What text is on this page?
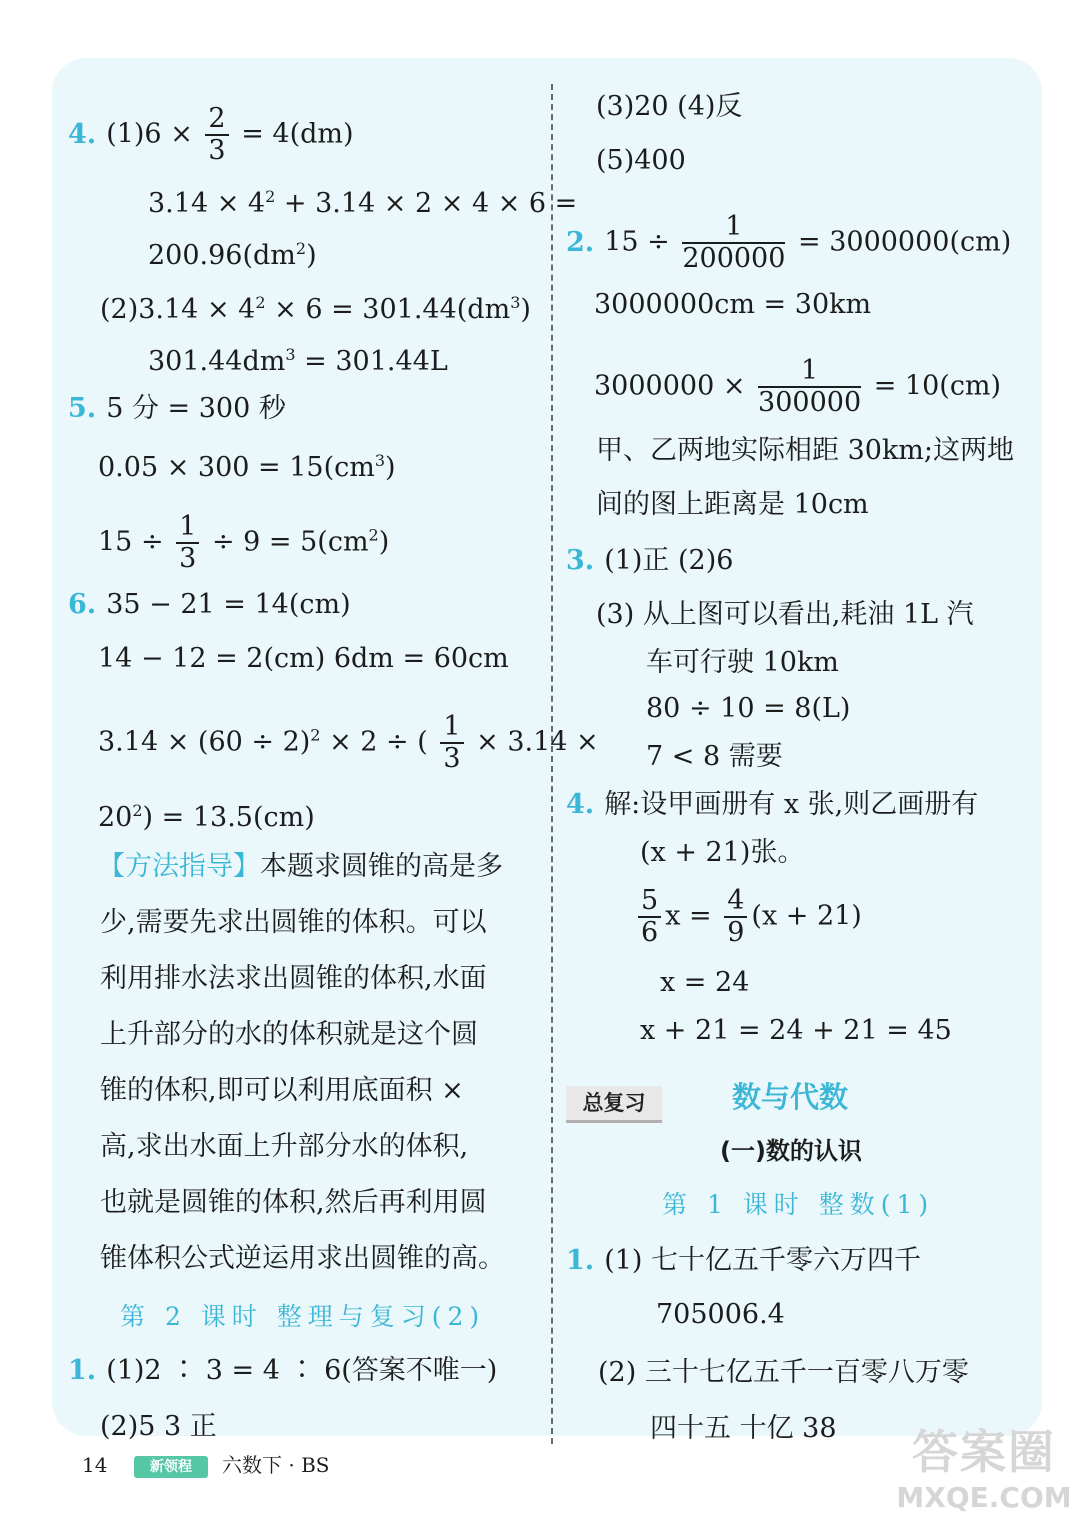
4. $(1)6 \times \frac{2}{3} = 4(dm)$
$3.14 \times 4^2 + 3.14 \times 2 \times 4 \times 6$ =
$200.96(dm^2)$
$(2)3.14 \times 4^2 \times 6 = 301.44(dm^3)$
$301.44dm^3 = 301.44L$
5. 5 分 = 300 秒
$0.05 \times 300 = 15(cm^3)$
$15 \div \frac{1}{3} \div 9 = 5(cm^2)$
6. 35 − 21 = 14(cm)
14 − 12 = 2(cm) 6dm = 60cm
$3.14 \times (60 \div 2)^2 \times 2$ ÷ ( $\frac{1}{3} \times 3.14$ ×
$20^2) = 13.5(cm)$
【方法指导】本题求圆锥的高是多
少,需要先求出圆锥的体积。可以
利用排水法求出圆锥的体积,水面
上升部分的水的体积就是这个圆
锥的体积,即可以利用底面积 ×
高,求出水面上升部分水的体积,
也就是圆锥的体积,然后再利用圆
锥体积公式逆运用求出圆锥的高。
第 2 课时 整理与复习(2)
1. (1)2 ∶ 3 = 4 ∶ 6(答案不唯一)
(2)5 3 正
(3)20 (4)反
(5)400
2. $15 \div \frac{1}{200000} = 3000000(cm)$
3000000cm = 30km
$3000000 \times \frac{1}{300000} = 10(cm)$
甲、乙两地实际相距 30km;这两地
间的图上距离是 10cm
3. (1)正 (2)6
(3) 从上图可以看出,耗油 1L 汽
车可行驶 10km
80 ÷ 10 = 8(L)
7 < 8 需要
4. 解:设甲画册有 x 张,则乙画册有
(x + 21)张。
$\frac{5}{6}$ $x = \frac{4}{9} (x + 21)$
x = 24
x + 21 = 24 + 21 = 45
总复习	数与代数
(一)数的认识
第 1 课时 整数(1)
1. (1) 七十亿五千零六万四千
705006.4
(2) 三十七亿五千一百零八万零
四十五 十亿 38
14	新领程	六数下 · BS	答案圈
MXQE.COM
